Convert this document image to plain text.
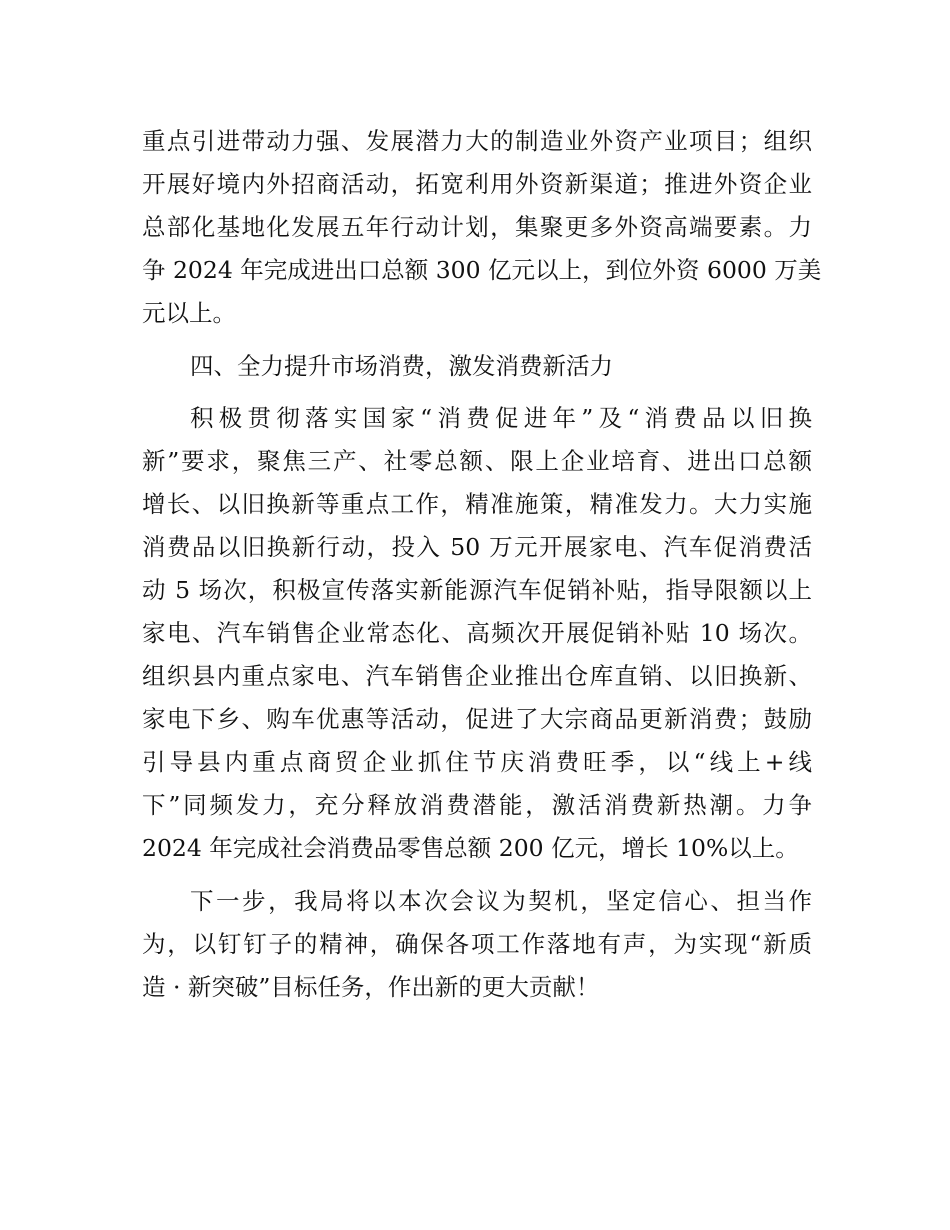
重点引进带动力强、发展潜力大的制造业外资产业项目；组织
开展好境内外招商活动，拓宽利用外资新渠道；推进外资企业
总部化基地化发展五年行动计划，集聚更多外资高端要素。力
争 2024 年完成进出口总额 300 亿元以上，到位外资 6000 万美
元以上。
四、全力提升市场消费，激发消费新活力
积极贯彻落实国家“消费促进年”及“消费品以旧换
新”要求，聚焦三产、社零总额、限上企业培育、进出口总额
增长、以旧换新等重点工作，精准施策，精准发力。大力实施
消费品以旧换新行动，投入 50 万元开展家电、汽车促消费活
动 5 场次，积极宣传落实新能源汽车促销补贴，指导限额以上
家电、汽车销售企业常态化、高频次开展促销补贴 10 场次。
组织县内重点家电、汽车销售企业推出仓库直销、以旧换新、
家电下乡、购车优惠等活动，促进了大宗商品更新消费；鼓励
引导县内重点商贸企业抓住节庆消费旺季，以“线上+线
下”同频发力，充分释放消费潜能，激活消费新热潮。力争
2024 年完成社会消费品零售总额 200 亿元，增长 10%以上。
下一步，我局将以本次会议为契机，坚定信心、担当作
为，以钉钉子的精神，确保各项工作落地有声，为实现“新质
造 · 新突破”目标任务，作出新的更大贡献！
